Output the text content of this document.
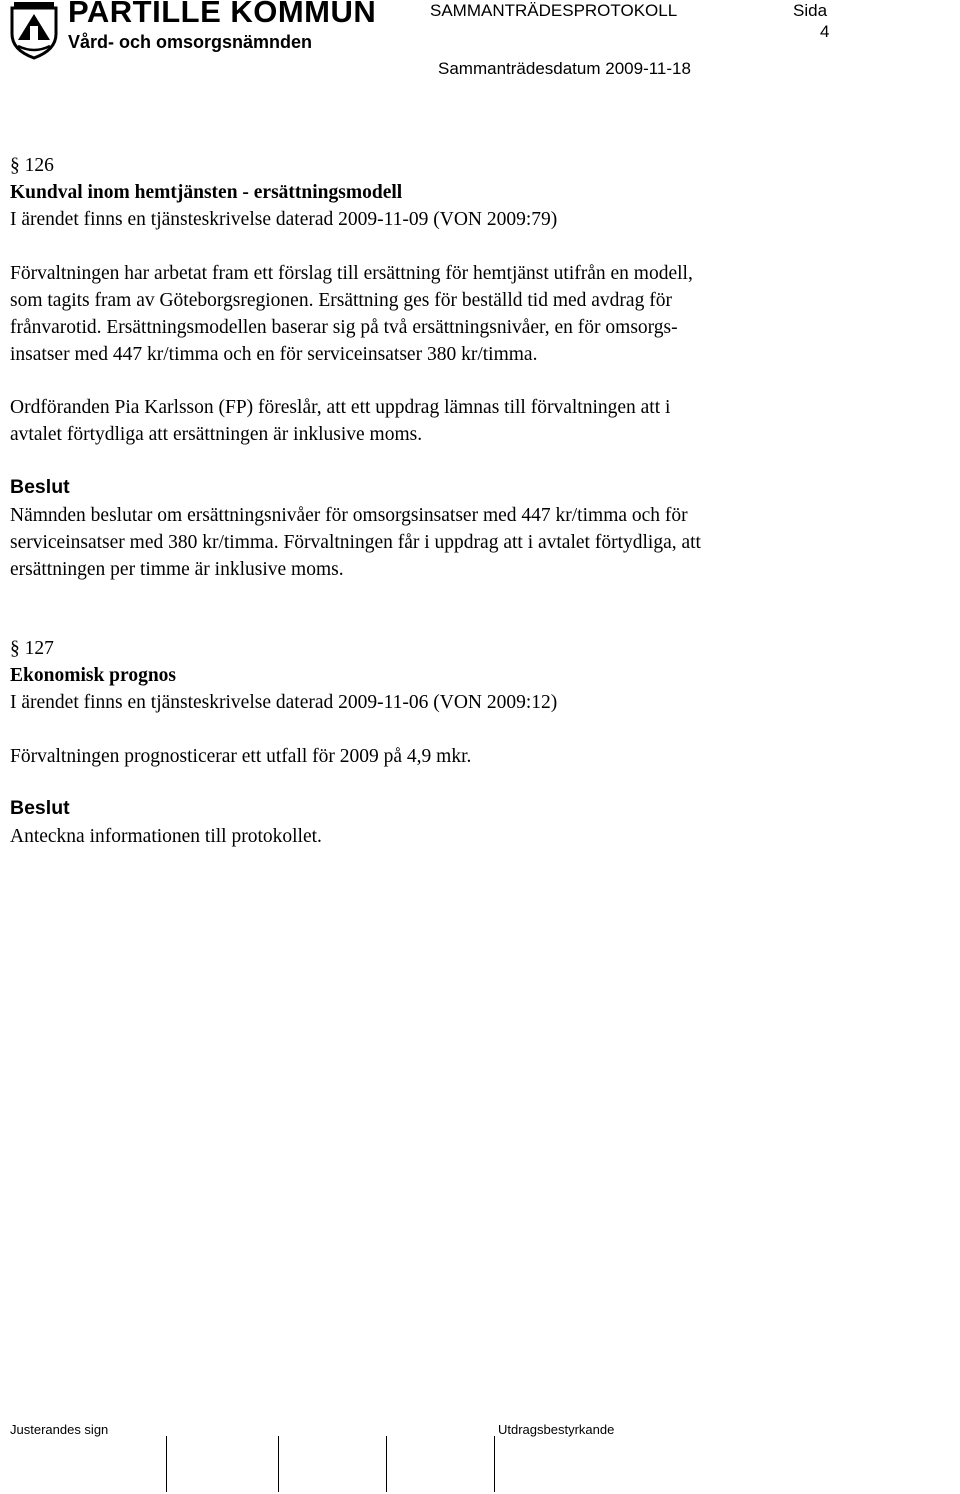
PARTILLE KOMMUN
Vård- och omsorgsnämnden
SAMMANTRÄDESPROTOKOLL	Sida
4
Sammanträdesdatum 2009-11-18
§ 126
Kundval inom hemtjänsten - ersättningsmodell
I ärendet finns en tjänsteskrivelse daterad 2009-11-09 (VON 2009:79)
Förvaltningen har arbetat fram ett förslag till ersättning för hemtjänst utifrån en modell,
som tagits fram av Göteborgsregionen. Ersättning ges för beställd tid med avdrag för
frånvarotid. Ersättningsmodellen baserar sig på två ersättningsnivåer, en för omsorgs-
insatser med 447 kr/timma och en för serviceinsatser 380 kr/timma.
Ordföranden Pia Karlsson (FP) föreslår, att ett uppdrag lämnas till förvaltningen att i
avtalet förtydliga att ersättningen är inklusive moms.
Beslut
Nämnden beslutar om ersättningsnivåer för omsorgsinsatser med 447 kr/timma och för
serviceinsatser med 380 kr/timma. Förvaltningen får i uppdrag att i avtalet förtydliga, att
ersättningen per timme är inklusive moms.
§ 127
Ekonomisk prognos
I ärendet finns en tjänsteskrivelse daterad 2009-11-06 (VON 2009:12)
Förvaltningen prognosticerar ett utfall för 2009 på 4,9 mkr.
Beslut
Anteckna informationen till protokollet.
Justerandes sign	Utdragsbestyrkande
